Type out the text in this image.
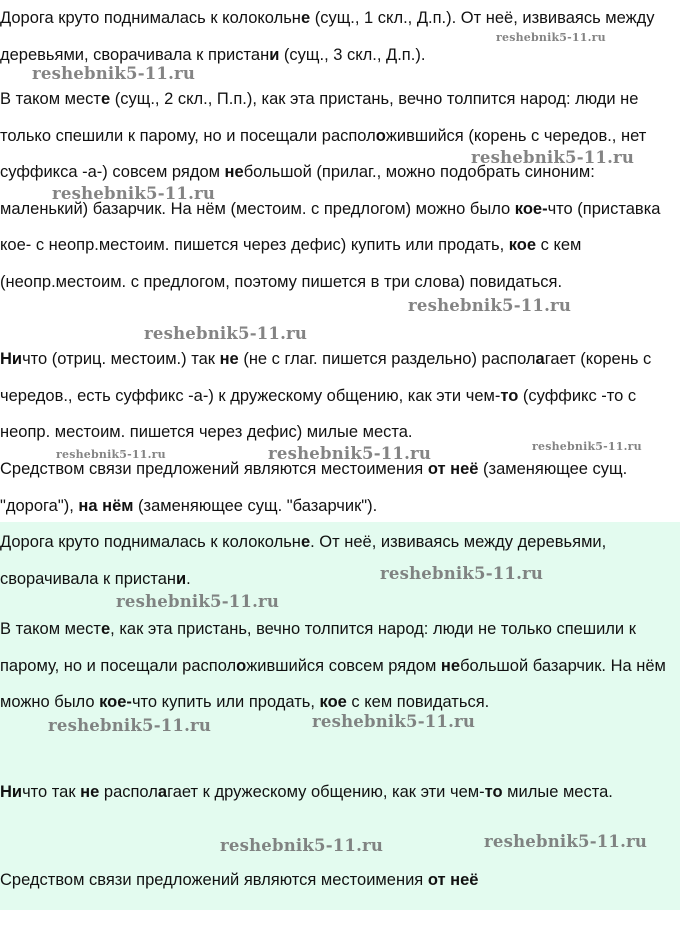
Дорога круто поднималась к колокольне (сущ., 1 скл., Д.п.). От неё, извиваясь между деревьями, сворачивала к пристани (сущ., 3 скл., Д.п.).

В таком месте (сущ., 2 скл., П.п.), как эта пристань, вечно толпится народ: люди не только спешили к парому, но и посещали расположившийся (корень с чередов., нет суффикса -а-) совсем рядом небольшой (прилаг., можно подобрать синоним: маленький) базарчик. На нём (местоим. с предлогом) можно было кое-что (приставка кое- с неопр.местоим. пишется через дефис) купить или продать, кое с кем (неопр.местоим. с предлогом, поэтому пишется в три слова) повидаться.

Ничто (отриц. местоим.) так не (не с глаг. пишется раздельно) располагает (корень с чередов., есть суффикс -а-) к дружескому общению, как эти чем-то (суффикс -то с неопр. местоим. пишется через дефис) милые места.

Средством связи предложений являются местоимения от неё (заменяющее сущ. "дорога"), на нём (заменяющее сущ. "базарчик").

Дорога круто поднималась к колокольне. От неё, извиваясь между деревьями, сворачивала к пристани.

В таком месте, как эта пристань, вечно толпится народ: люди не только спешили к парому, но и посещали расположившийся совсем рядом небольшой базарчик. На нём можно было кое-что купить или продать, кое с кем повидаться.

Ничто так не располагает к дружескому общению, как эти чем-то милые места.

Средством связи предложений являются местоимения от неё

reshebnik5-11.ru
reshebnik5-11.ru
reshebnik5-11.ru
reshebnik5-11.ru
reshebnik5-11.ru
reshebnik5-11.ru
reshebnik5-11.ru
reshebnik5-11.ru	reshebnik5-11.ru
reshebnik5-11.ru
reshebnik5-11.ru
reshebnik5-11.ru
reshebnik5-11.ru
reshebnik5-11.ru	reshebnik5-11.ru
